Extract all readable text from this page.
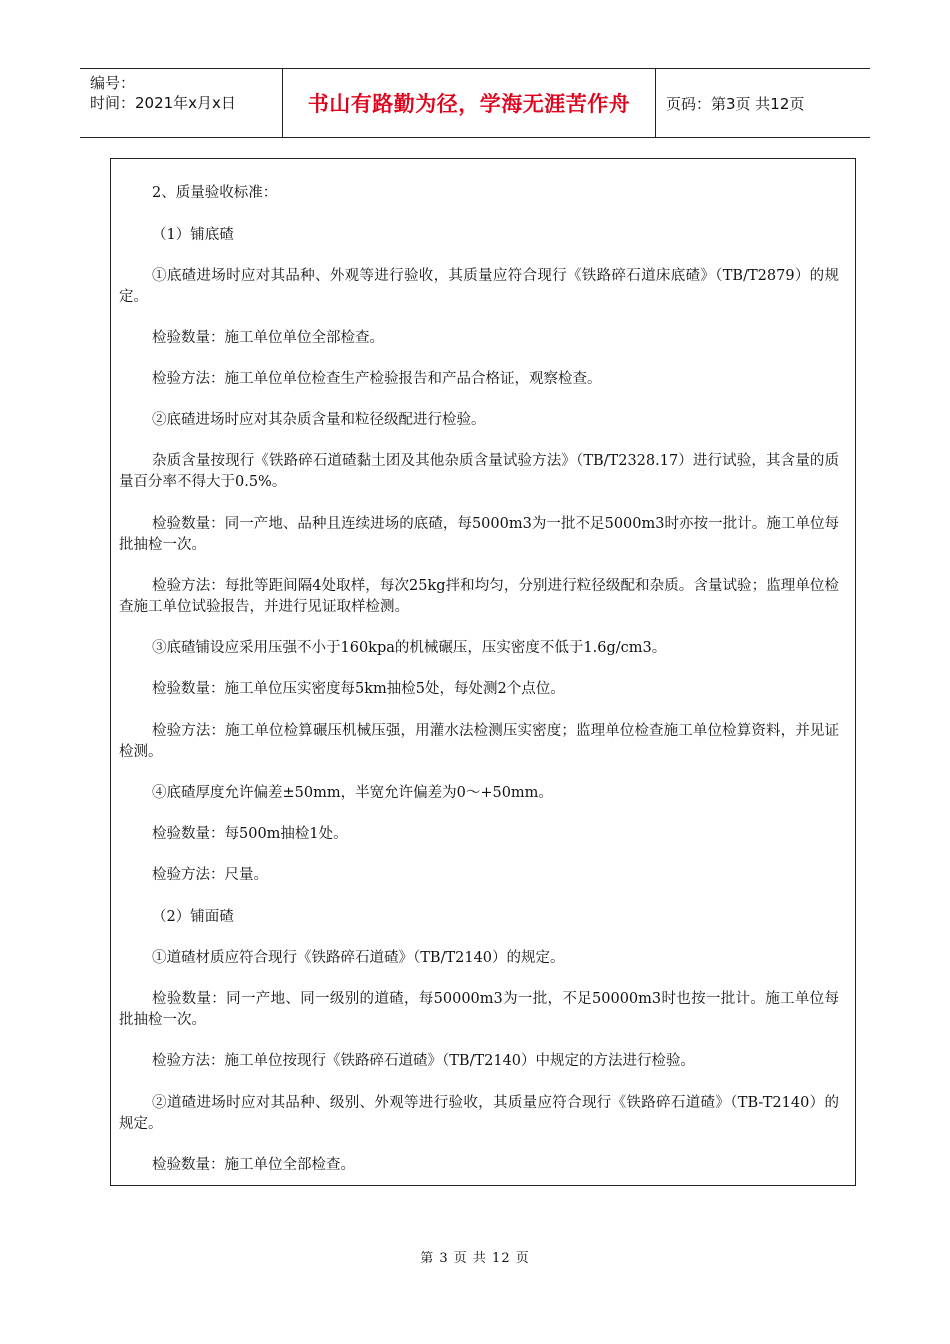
编号：
时间：2021年x月x日	书山有路勤为径，学海无涯苦作舟	页码：第3页 共12页

2、质量验收标准：

（1）铺底碴

①底碴进场时应对其品种、外观等进行验收，其质量应符合现行《铁路碎石道床底碴》（TB/T2879）的规定。

检验数量：施工单位单位全部检查。

检验方法：施工单位单位检查生产检验报告和产品合格证，观察检查。

②底碴进场时应对其杂质含量和粒径级配进行检验。

杂质含量按现行《铁路碎石道碴黏土团及其他杂质含量试验方法》（TB/T2328.17）进行试验，其含量的质量百分率不得大于0.5%。

检验数量：同一产地、品种且连续进场的底碴，每5000m3为一批不足5000m3时亦按一批计。施工单位每批抽检一次。

检验方法：每批等距间隔4处取样，每次25kg拌和均匀，分别进行粒径级配和杂质。含量试验；监理单位检查施工单位试验报告，并进行见证取样检测。

③底碴铺设应采用压强不小于160kpa的机械碾压，压实密度不低于1.6g/cm3。

检验数量：施工单位压实密度每5km抽检5处，每处测2个点位。

检验方法：施工单位检算碾压机械压强，用灌水法检测压实密度；监理单位检查施工单位检算资料，并见证检测。

④底碴厚度允许偏差±50mm，半宽允许偏差为0～+50mm。

检验数量：每500m抽检1处。

检验方法：尺量。

（2）铺面碴

①道碴材质应符合现行《铁路碎石道碴》（TB/T2140）的规定。

检验数量：同一产地、同一级别的道碴，每50000m3为一批，不足50000m3时也按一批计。施工单位每批抽检一次。

检验方法：施工单位按现行《铁路碎石道碴》（TB/T2140）中规定的方法进行检验。

②道碴进场时应对其品种、级别、外观等进行验收，其质量应符合现行《铁路碎石道碴》（TB-T2140）的规定。

检验数量：施工单位全部检查。

第 3 页 共 12 页
